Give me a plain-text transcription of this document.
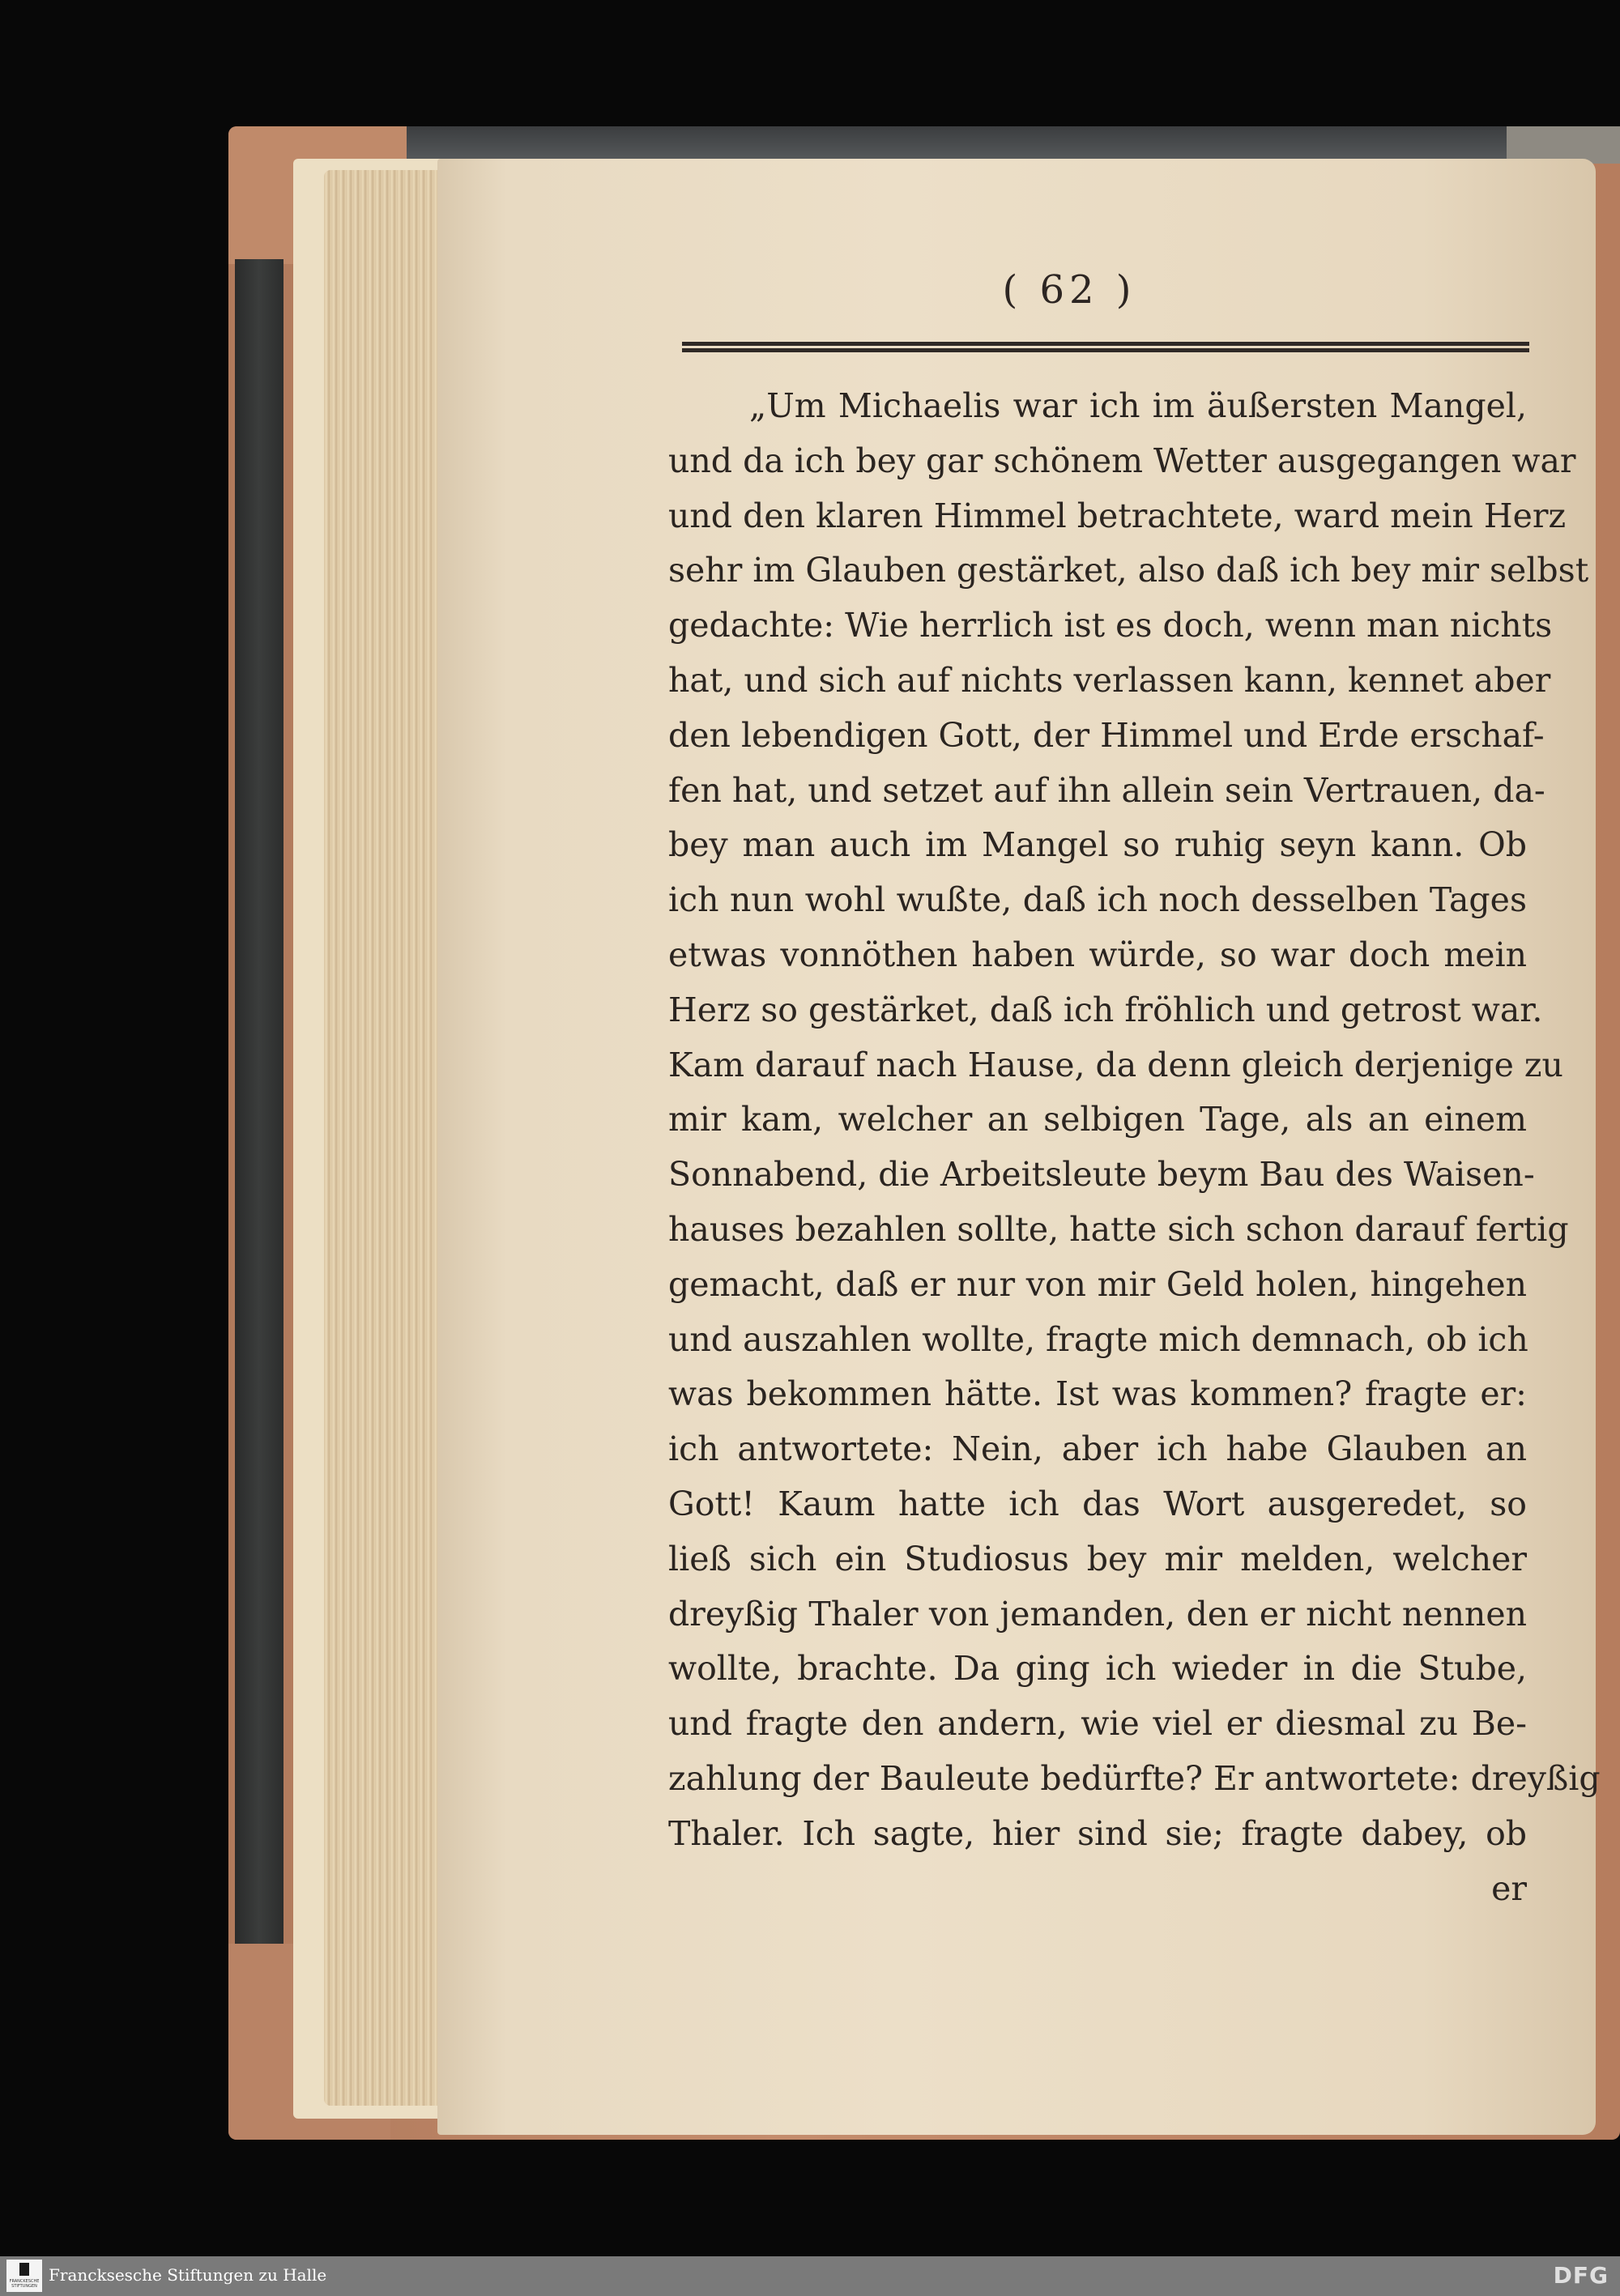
( 62 )
„Um Michaelis war ich im äußersten Mangel,
und da ich bey gar schönem Wetter ausgegangen war
und den klaren Himmel betrachtete, ward mein Herz
sehr im Glauben gestärket, also daß ich bey mir selbst
gedachte: Wie herrlich ist es doch, wenn man nichts
hat, und sich auf nichts verlassen kann, kennet aber
den lebendigen Gott, der Himmel und Erde erschaf-
fen hat, und setzet auf ihn allein sein Vertrauen, da-
bey man auch im Mangel so ruhig seyn kann. Ob
ich nun wohl wußte, daß ich noch desselben Tages
etwas vonnöthen haben würde, so war doch mein
Herz so gestärket, daß ich fröhlich und getrost war.
Kam darauf nach Hause, da denn gleich derjenige zu
mir kam, welcher an selbigen Tage, als an einem
Sonnabend, die Arbeitsleute beym Bau des Waisen-
hauses bezahlen sollte, hatte sich schon darauf fertig
gemacht, daß er nur von mir Geld holen, hingehen
und auszahlen wollte, fragte mich demnach, ob ich
was bekommen hätte. Ist was kommen? fragte er:
ich antwortete: Nein, aber ich habe Glauben an
Gott! Kaum hatte ich das Wort ausgeredet, so
ließ sich ein Studiosus bey mir melden, welcher
dreyßig Thaler von jemanden, den er nicht nennen
wollte, brachte. Da ging ich wieder in die Stube,
und fragte den andern, wie viel er diesmal zu Be-
zahlung der Bauleute bedürfte? Er antwortete: dreyßig
Thaler. Ich sagte, hier sind sie; fragte dabey, ob
er
FRANCKESCHE STIFTUNGEN
Francksesche Stiftungen zu Halle	DFG
